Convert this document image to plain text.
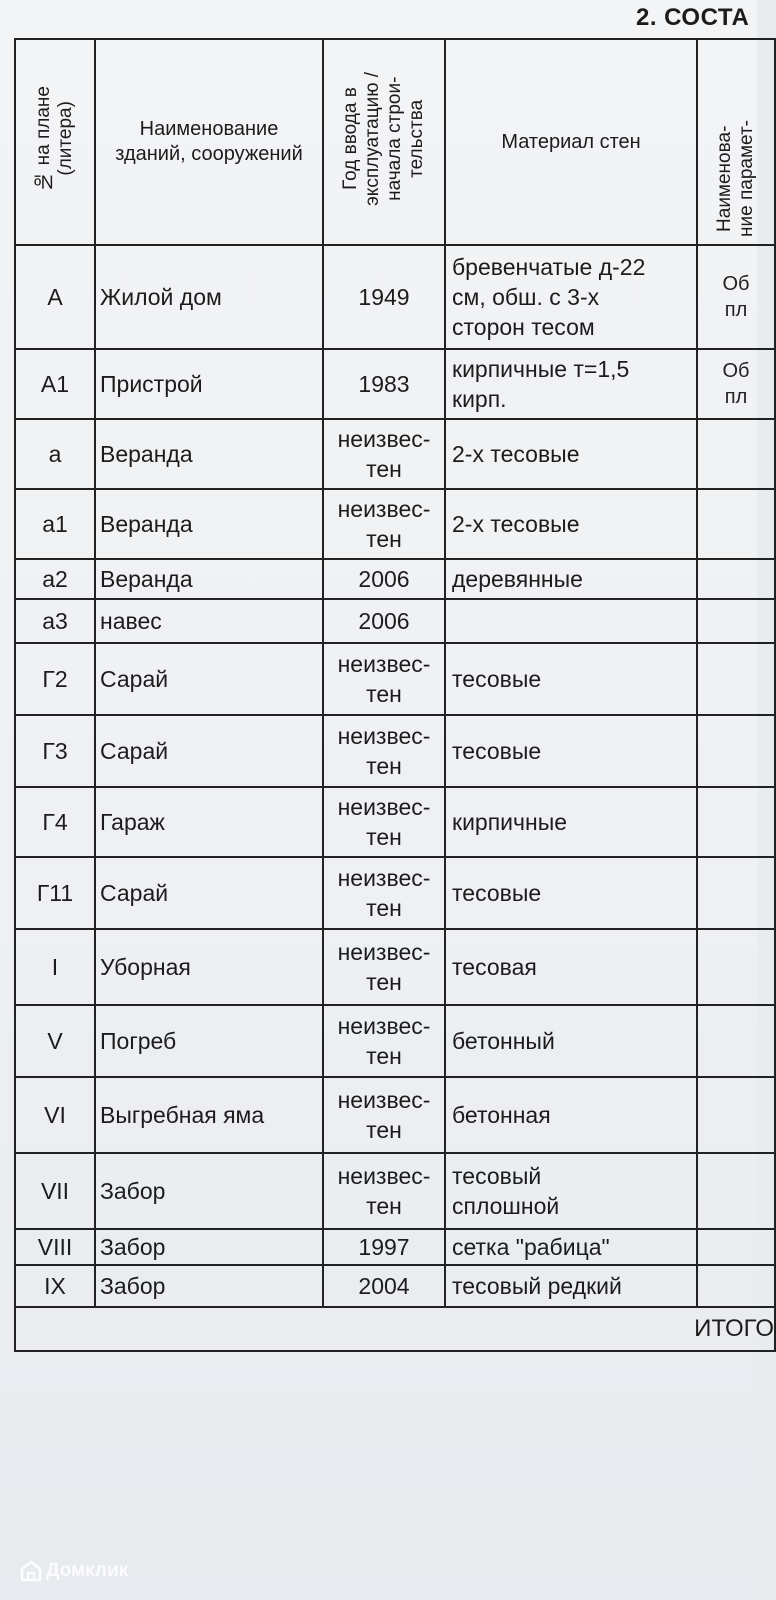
2. СОСТА
№ на плане
(литера)	Наименование зданий, сооружений	Год ввода в
эксплуатацию /
начала строи-
тельства	Материал стен	Наименова-
ние парамет-
А	Жилой дом	1949	бревенчатые д-22
см, обш. с 3-х
сторон тесом	Об
пл
А1	Пристрой	1983	кирпичные т=1,5
кирп.	Об
пл
а	Веранда	неизвес-
тен	2-х тесовые	
а1	Веранда	неизвес-
тен	2-х тесовые	
а2	Веранда	2006	деревянные	
а3	навес	2006		
Г2	Сарай	неизвес-
тен	тесовые	
Г3	Сарай	неизвес-
тен	тесовые	
Г4	Гараж	неизвес-
тен	кирпичные	
Г11	Сарай	неизвес-
тен	тесовые	
I	Уборная	неизвес-
тен	тесовая	
V	Погреб	неизвес-
тен	бетонный	
VI	Выгребная яма	неизвес-
тен	бетонная	
VII	Забор	неизвес-
тен	тесовый
сплошной	
VIII	Забор	1997	сетка "рабица"	
IX	Забор	2004	тесовый редкий	
ИТОГО				
Домклик
